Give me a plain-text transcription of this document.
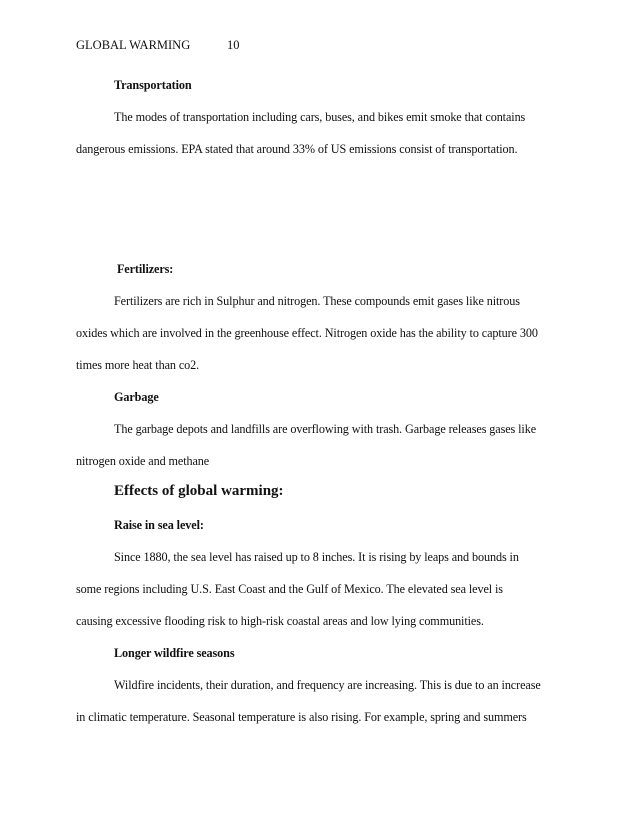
GLOBAL WARMING	10
Transportation
The modes of transportation including cars, buses, and bikes emit smoke that contains
dangerous emissions. EPA stated that around 33% of US emissions consist of transportation.
Fertilizers:
Fertilizers are rich in Sulphur and nitrogen. These compounds emit gases like nitrous
oxides which are involved in the greenhouse effect. Nitrogen oxide has the ability to capture 300
times more heat than co2.
Garbage
The garbage depots and landfills are overflowing with trash. Garbage releases gases like
nitrogen oxide and methane
Effects of global warming:
Raise in sea level:
Since 1880, the sea level has raised up to 8 inches. It is rising by leaps and bounds in
some regions including U.S. East Coast and the Gulf of Mexico. The elevated sea level is
causing excessive flooding risk to high-risk coastal areas and low lying communities.
Longer wildfire seasons
Wildfire incidents, their duration, and frequency are increasing. This is due to an increase
in climatic temperature. Seasonal temperature is also rising. For example, spring and summers
